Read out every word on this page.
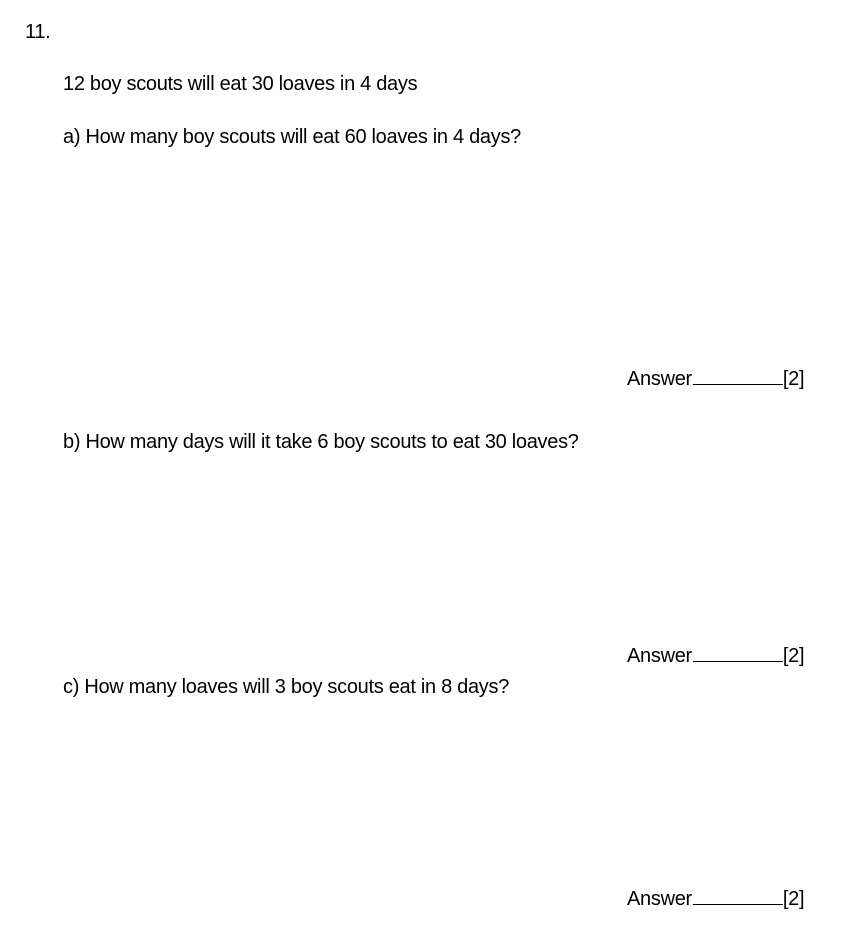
11.
12 boy scouts will eat 30 loaves in 4 days
a) How many boy scouts will eat 60 loaves in 4 days?
Answer	[2]
b) How many days will it take 6 boy scouts to eat 30 loaves?
Answer	[2]
c) How many loaves will 3 boy scouts eat in 8 days?
Answer	[2]
